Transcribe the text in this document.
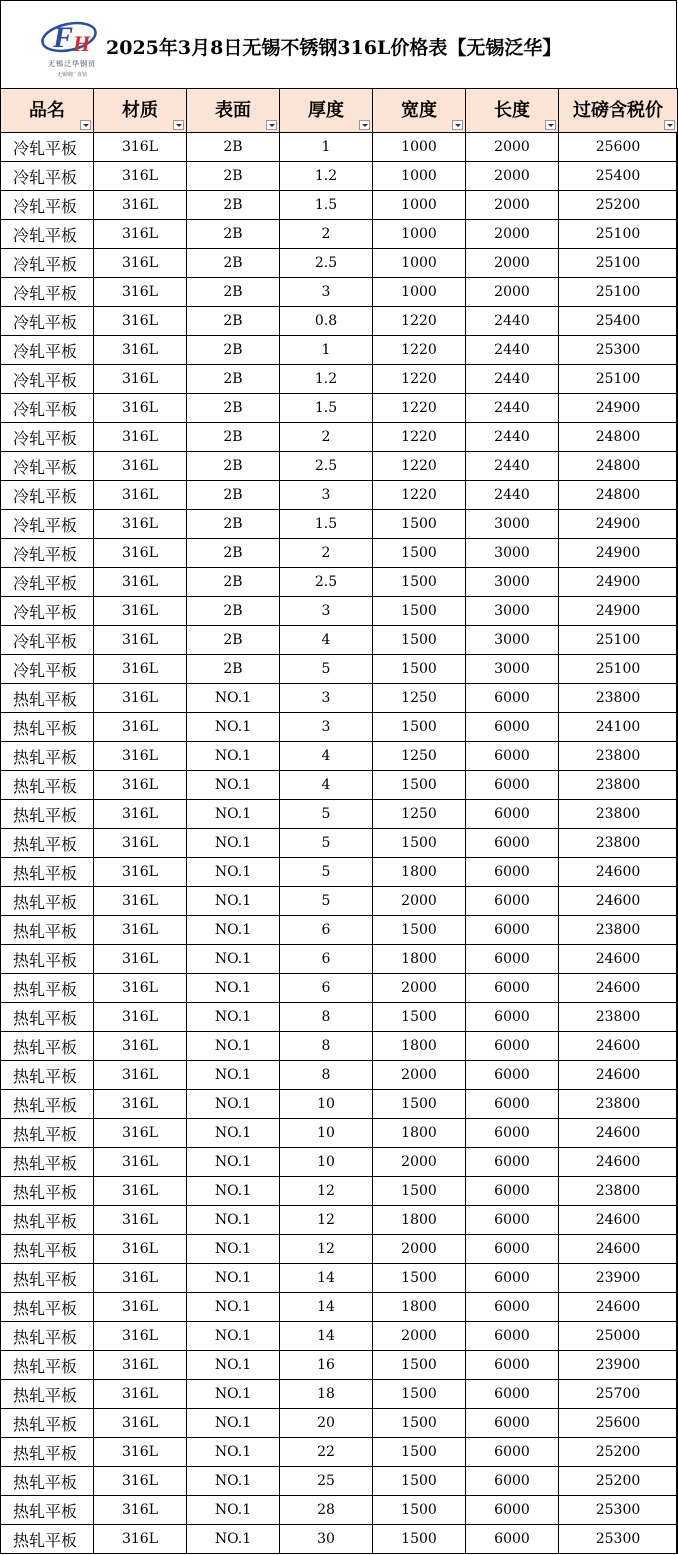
F H
无锡泛华钢贸
无锡钢厂直销
2025年3月8日无锡不锈钢316L价格表【无锡泛华】
品名	材质	表面	厚度	宽度	长度	过磅含税价

冷轧平板	316L	2B	1	1000	2000	25600
冷轧平板	316L	2B	1.2	1000	2000	25400
冷轧平板	316L	2B	1.5	1000	2000	25200
冷轧平板	316L	2B	2	1000	2000	25100
冷轧平板	316L	2B	2.5	1000	2000	25100
冷轧平板	316L	2B	3	1000	2000	25100
冷轧平板	316L	2B	0.8	1220	2440	25400
冷轧平板	316L	2B	1	1220	2440	25300
冷轧平板	316L	2B	1.2	1220	2440	25100
冷轧平板	316L	2B	1.5	1220	2440	24900
冷轧平板	316L	2B	2	1220	2440	24800
冷轧平板	316L	2B	2.5	1220	2440	24800
冷轧平板	316L	2B	3	1220	2440	24800
冷轧平板	316L	2B	1.5	1500	3000	24900
冷轧平板	316L	2B	2	1500	3000	24900
冷轧平板	316L	2B	2.5	1500	3000	24900
冷轧平板	316L	2B	3	1500	3000	24900
冷轧平板	316L	2B	4	1500	3000	25100
冷轧平板	316L	2B	5	1500	3000	25100
热轧平板	316L	NO.1	3	1250	6000	23800
热轧平板	316L	NO.1	3	1500	6000	24100
热轧平板	316L	NO.1	4	1250	6000	23800
热轧平板	316L	NO.1	4	1500	6000	23800
热轧平板	316L	NO.1	5	1250	6000	23800
热轧平板	316L	NO.1	5	1500	6000	23800
热轧平板	316L	NO.1	5	1800	6000	24600
热轧平板	316L	NO.1	5	2000	6000	24600
热轧平板	316L	NO.1	6	1500	6000	23800
热轧平板	316L	NO.1	6	1800	6000	24600
热轧平板	316L	NO.1	6	2000	6000	24600
热轧平板	316L	NO.1	8	1500	6000	23800
热轧平板	316L	NO.1	8	1800	6000	24600
热轧平板	316L	NO.1	8	2000	6000	24600
热轧平板	316L	NO.1	10	1500	6000	23800
热轧平板	316L	NO.1	10	1800	6000	24600
热轧平板	316L	NO.1	10	2000	6000	24600
热轧平板	316L	NO.1	12	1500	6000	23800
热轧平板	316L	NO.1	12	1800	6000	24600
热轧平板	316L	NO.1	12	2000	6000	24600
热轧平板	316L	NO.1	14	1500	6000	23900
热轧平板	316L	NO.1	14	1800	6000	24600
热轧平板	316L	NO.1	14	2000	6000	25000
热轧平板	316L	NO.1	16	1500	6000	23900
热轧平板	316L	NO.1	18	1500	6000	25700
热轧平板	316L	NO.1	20	1500	6000	25600
热轧平板	316L	NO.1	22	1500	6000	25200
热轧平板	316L	NO.1	25	1500	6000	25200
热轧平板	316L	NO.1	28	1500	6000	25300
热轧平板	316L	NO.1	30	1500	6000	25300
